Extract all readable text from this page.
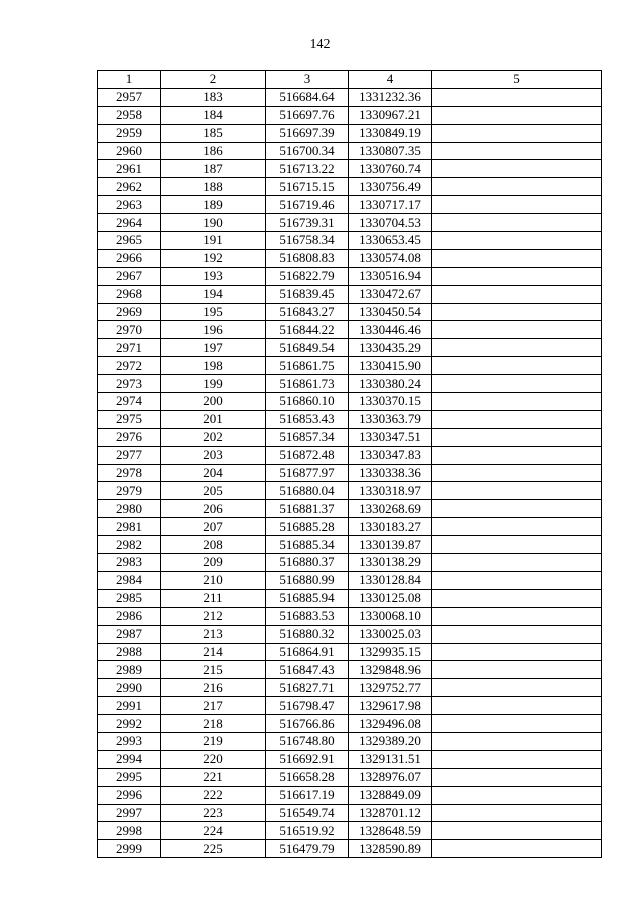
142
1	2	3	4	5
2957	183	516684.64	1331232.36	
2958	184	516697.76	1330967.21	
2959	185	516697.39	1330849.19	
2960	186	516700.34	1330807.35	
2961	187	516713.22	1330760.74	
2962	188	516715.15	1330756.49	
2963	189	516719.46	1330717.17	
2964	190	516739.31	1330704.53	
2965	191	516758.34	1330653.45	
2966	192	516808.83	1330574.08	
2967	193	516822.79	1330516.94	
2968	194	516839.45	1330472.67	
2969	195	516843.27	1330450.54	
2970	196	516844.22	1330446.46	
2971	197	516849.54	1330435.29	
2972	198	516861.75	1330415.90	
2973	199	516861.73	1330380.24	
2974	200	516860.10	1330370.15	
2975	201	516853.43	1330363.79	
2976	202	516857.34	1330347.51	
2977	203	516872.48	1330347.83	
2978	204	516877.97	1330338.36	
2979	205	516880.04	1330318.97	
2980	206	516881.37	1330268.69	
2981	207	516885.28	1330183.27	
2982	208	516885.34	1330139.87	
2983	209	516880.37	1330138.29	
2984	210	516880.99	1330128.84	
2985	211	516885.94	1330125.08	
2986	212	516883.53	1330068.10	
2987	213	516880.32	1330025.03	
2988	214	516864.91	1329935.15	
2989	215	516847.43	1329848.96	
2990	216	516827.71	1329752.77	
2991	217	516798.47	1329617.98	
2992	218	516766.86	1329496.08	
2993	219	516748.80	1329389.20	
2994	220	516692.91	1329131.51	
2995	221	516658.28	1328976.07	
2996	222	516617.19	1328849.09	
2997	223	516549.74	1328701.12	
2998	224	516519.92	1328648.59	
2999	225	516479.79	1328590.89	
